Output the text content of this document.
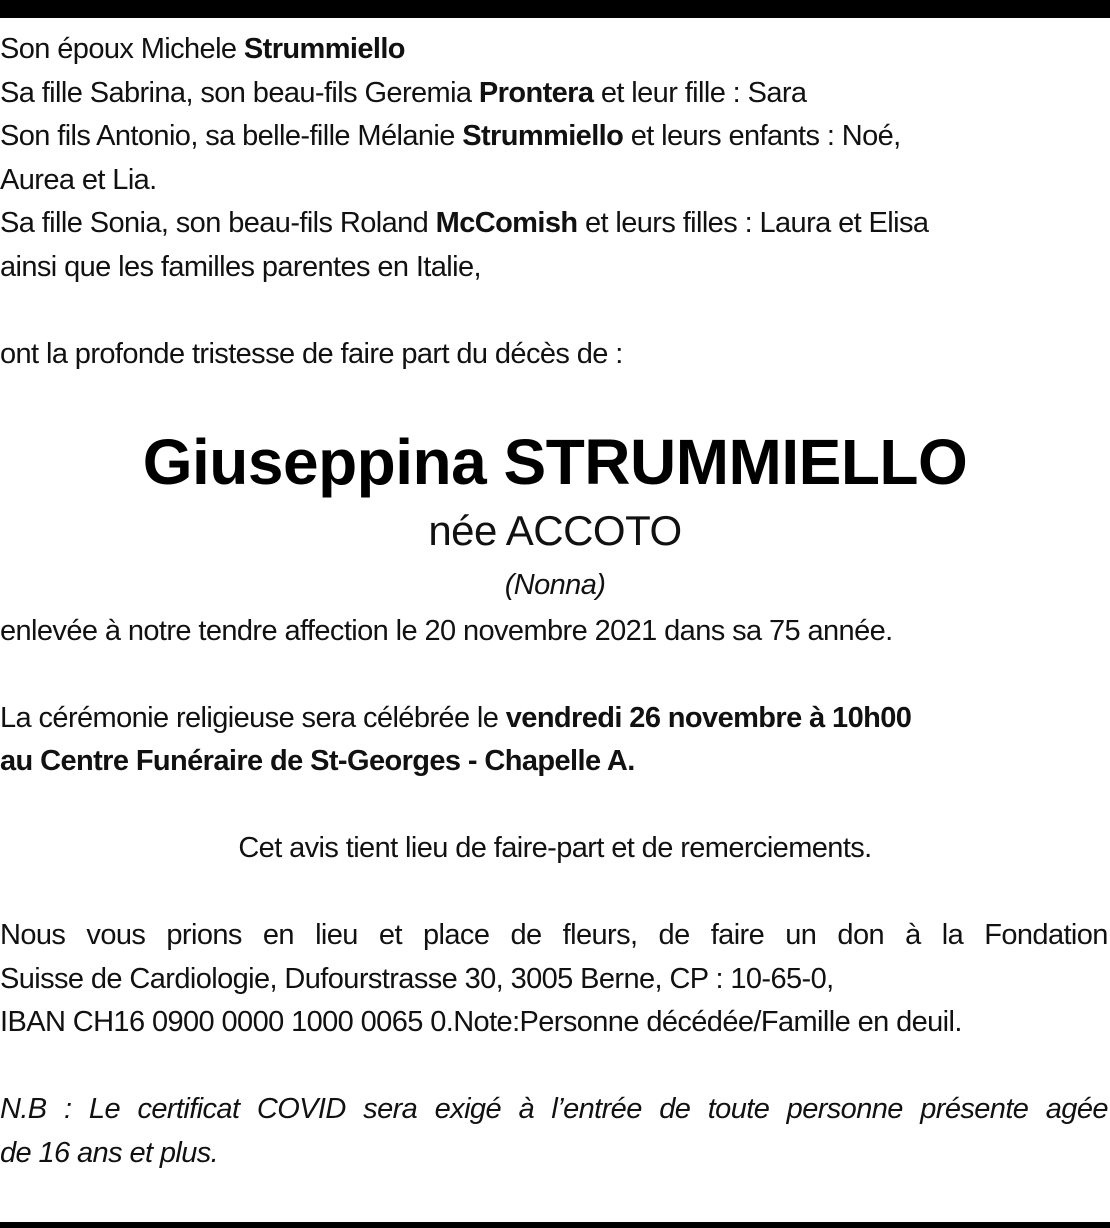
Son époux Michele Strummiello

Sa fille Sabrina, son beau-fils Geremia Prontera et leur fille : Sara

Son fils Antonio, sa belle-fille Mélanie Strummiello et leurs enfants : Noé,

Aurea et Lia.

Sa fille Sonia, son beau-fils Roland McComish et leurs filles : Laura et Elisa

ainsi que les familles parentes en Italie,

ont la profonde tristesse de faire part du décès de :

Giuseppina STRUMMIELLO
née ACCOTO
(Nonna)

enlevée à notre tendre affection le 20 novembre 2021 dans sa 75 année.

La cérémonie religieuse sera célébrée le vendredi 26 novembre à 10h00

au Centre Funéraire de St-Georges - Chapelle A.

Cet avis tient lieu de faire-part et de remerciements.

Nous vous prions en lieu et place de fleurs, de faire un don à la Fondation

Suisse de Cardiologie, Dufourstrasse 30, 3005 Berne, CP : 10-65-0,

IBAN CH16 0900 0000 1000 0065 0.Note:Personne décédée/Famille en deuil.

N.B : Le certificat COVID sera exigé à l’entrée de toute personne présente agée

de 16 ans et plus.
